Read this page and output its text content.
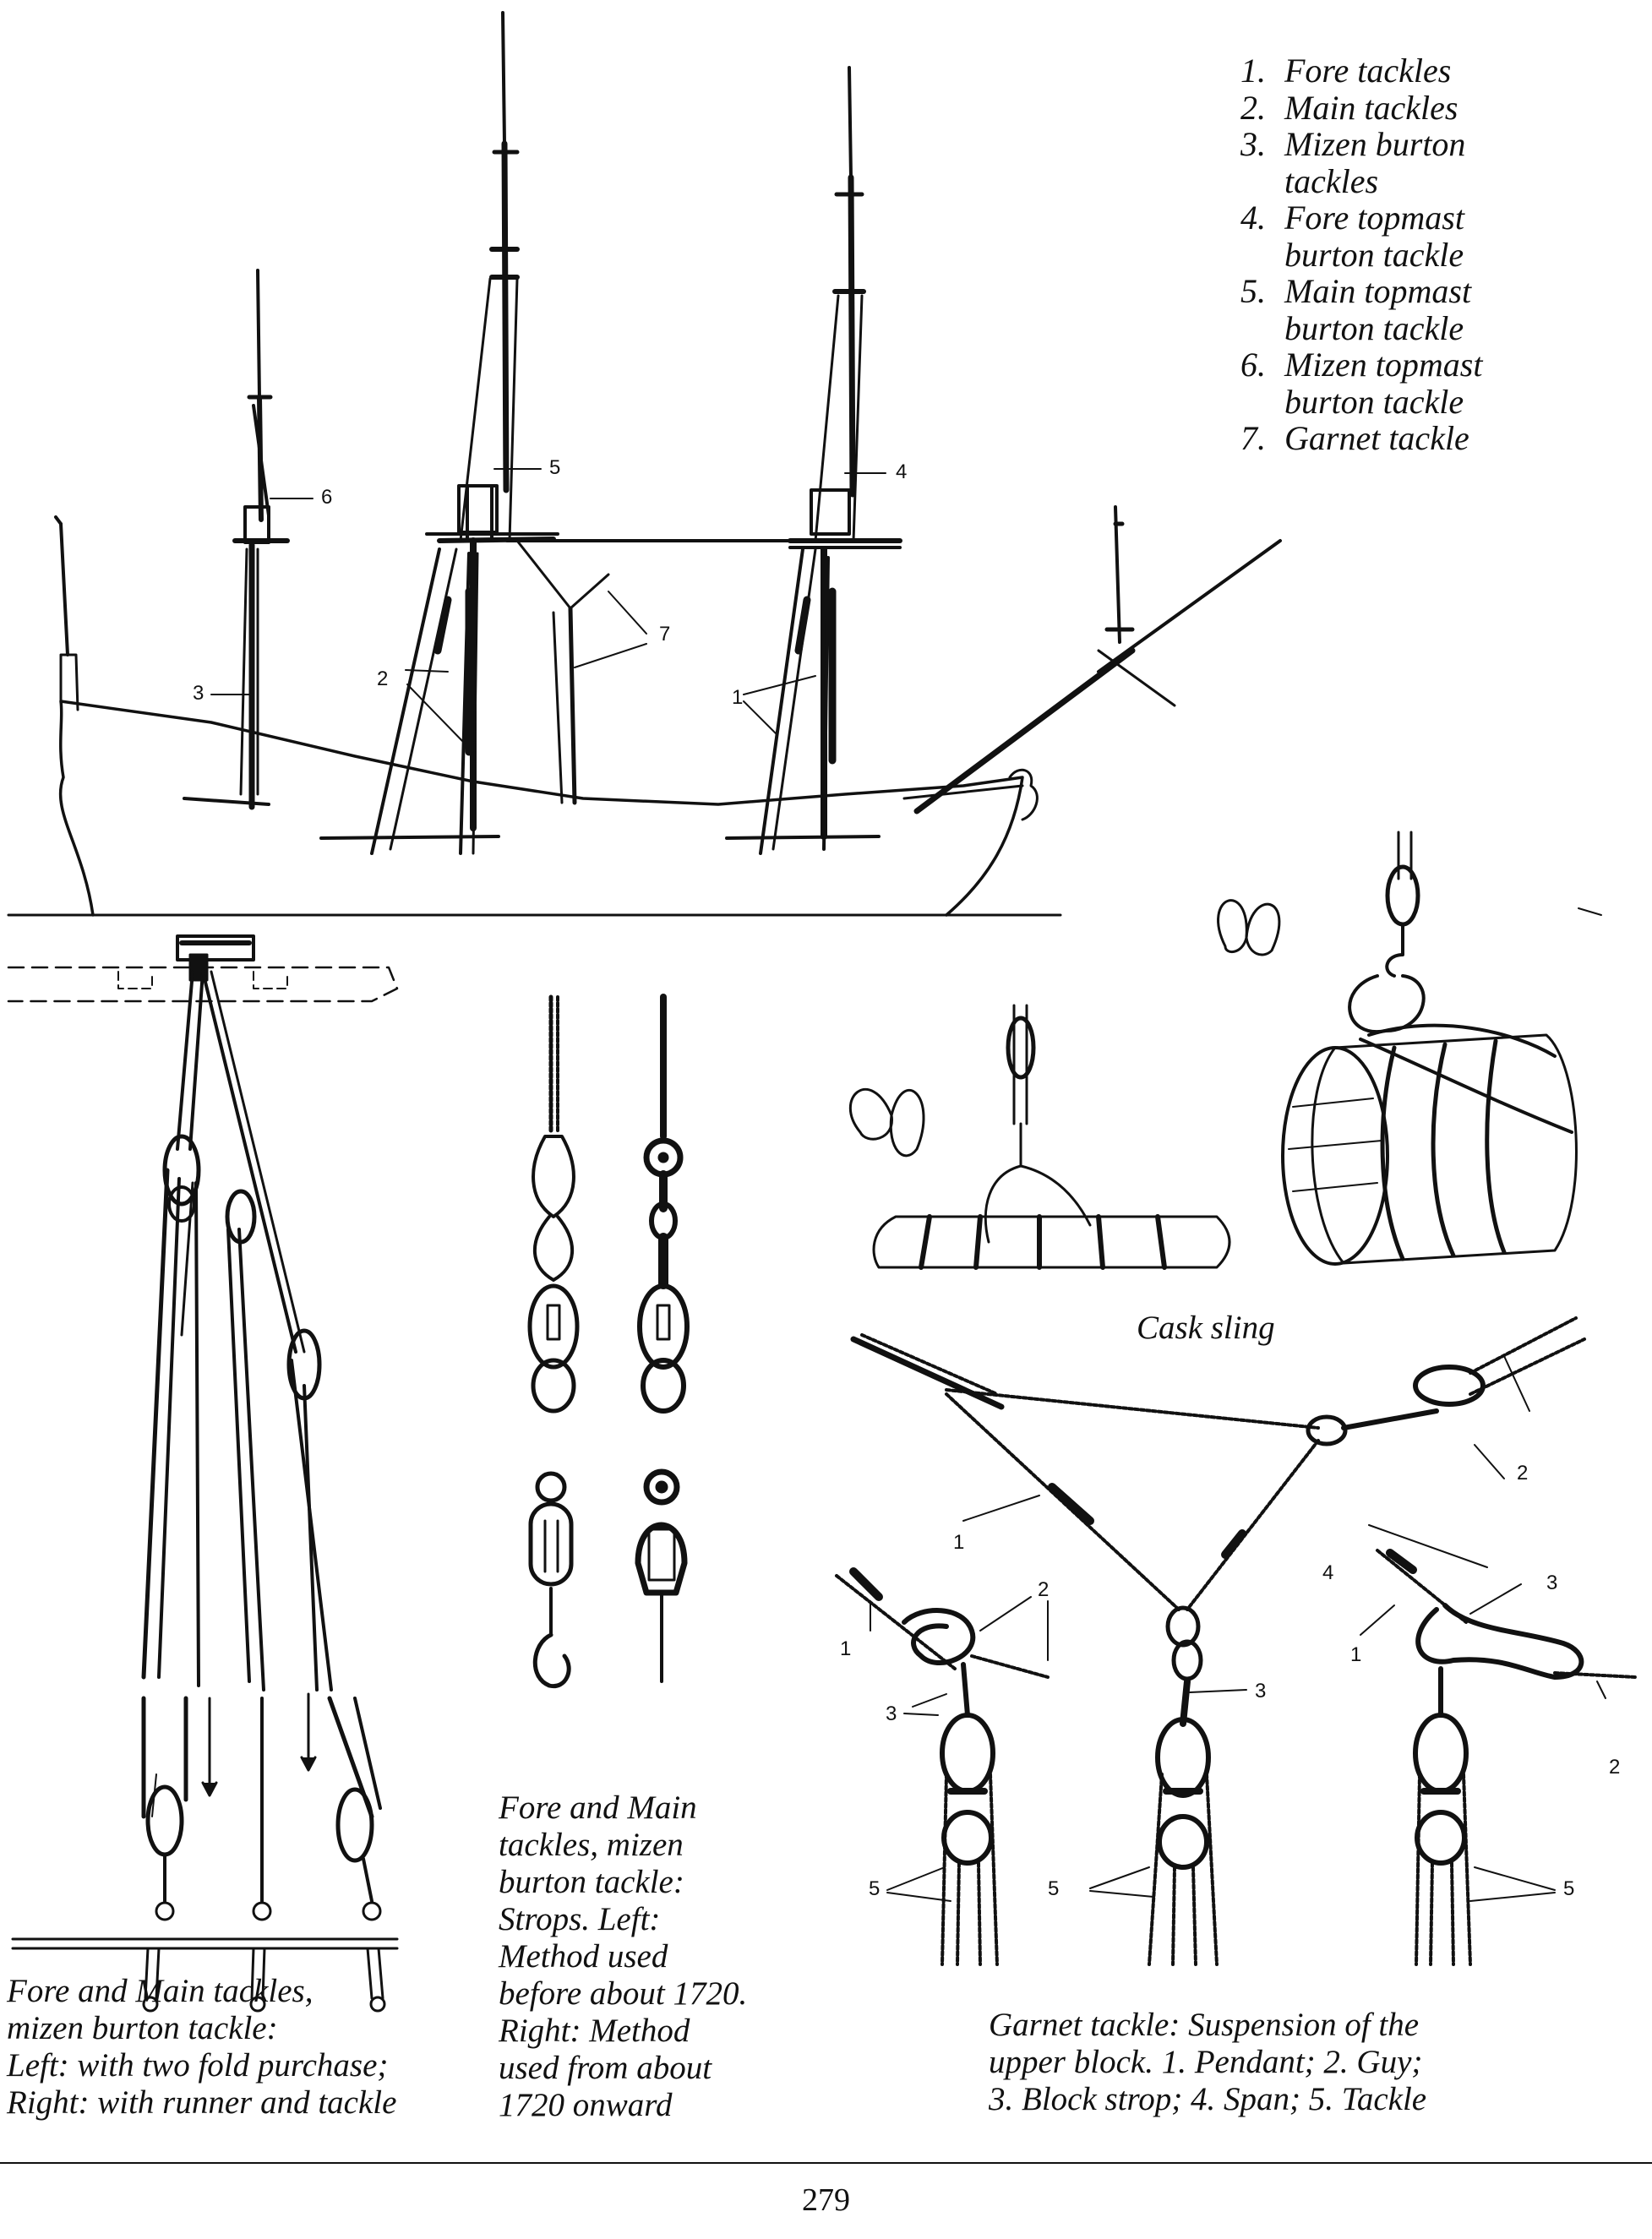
1. Fore tackles
2. Main tackles
3. Mizen burton
tackles
4. Fore topmast
burton tackle
5. Main topmast
burton tackle
6. Mizen topmast
burton tackle
7. Garnet tackle
3
2
1
5	4
6
7
1
2
3
4
5
1
2
3
5
1
2
3
5
Fore and Main tackles,
mizen burton tackle:
Left: with two fold purchase;
Right: with runner and tackle
Fore and Main
tackles, mizen
burton tackle:
Strops. Left:
Method used
before about 1720.
Right: Method
used from about
1720 onward
Cask sling
Garnet tackle: Suspension of the
upper block. 1. Pendant; 2. Guy;
3. Block strop; 4. Span; 5. Tackle
279
